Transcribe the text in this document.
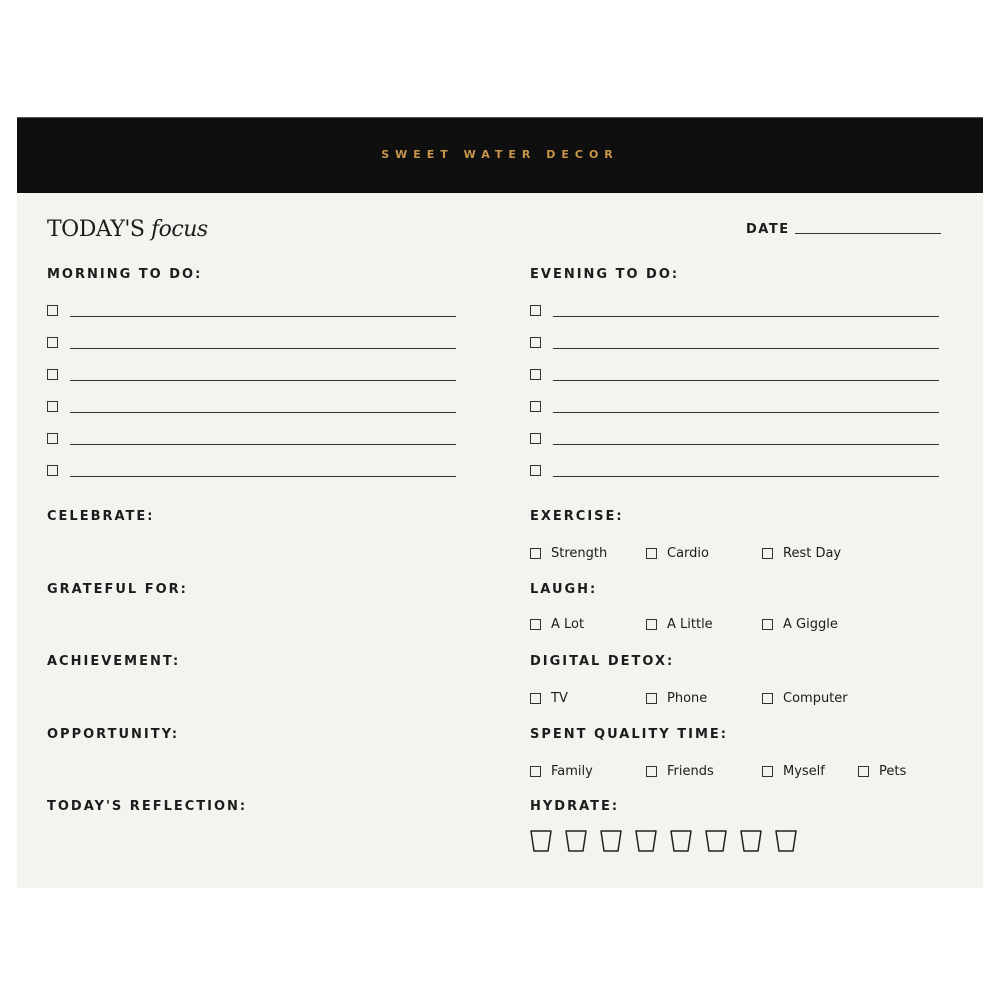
SWEET WATER DECOR
TODAY'S focus	DATE
MORNING TO DO:	EVENING TO DO:
CELEBRATE:
GRATEFUL FOR:
ACHIEVEMENT:
OPPORTUNITY:
TODAY'S REFLECTION:
EXERCISE:
Strength	Cardio	Rest Day
LAUGH:
A Lot	A Little	A Giggle
DIGITAL DETOX:
TV	Phone	Computer
SPENT QUALITY TIME:
Family	Friends	Myself	Pets
HYDRATE:
